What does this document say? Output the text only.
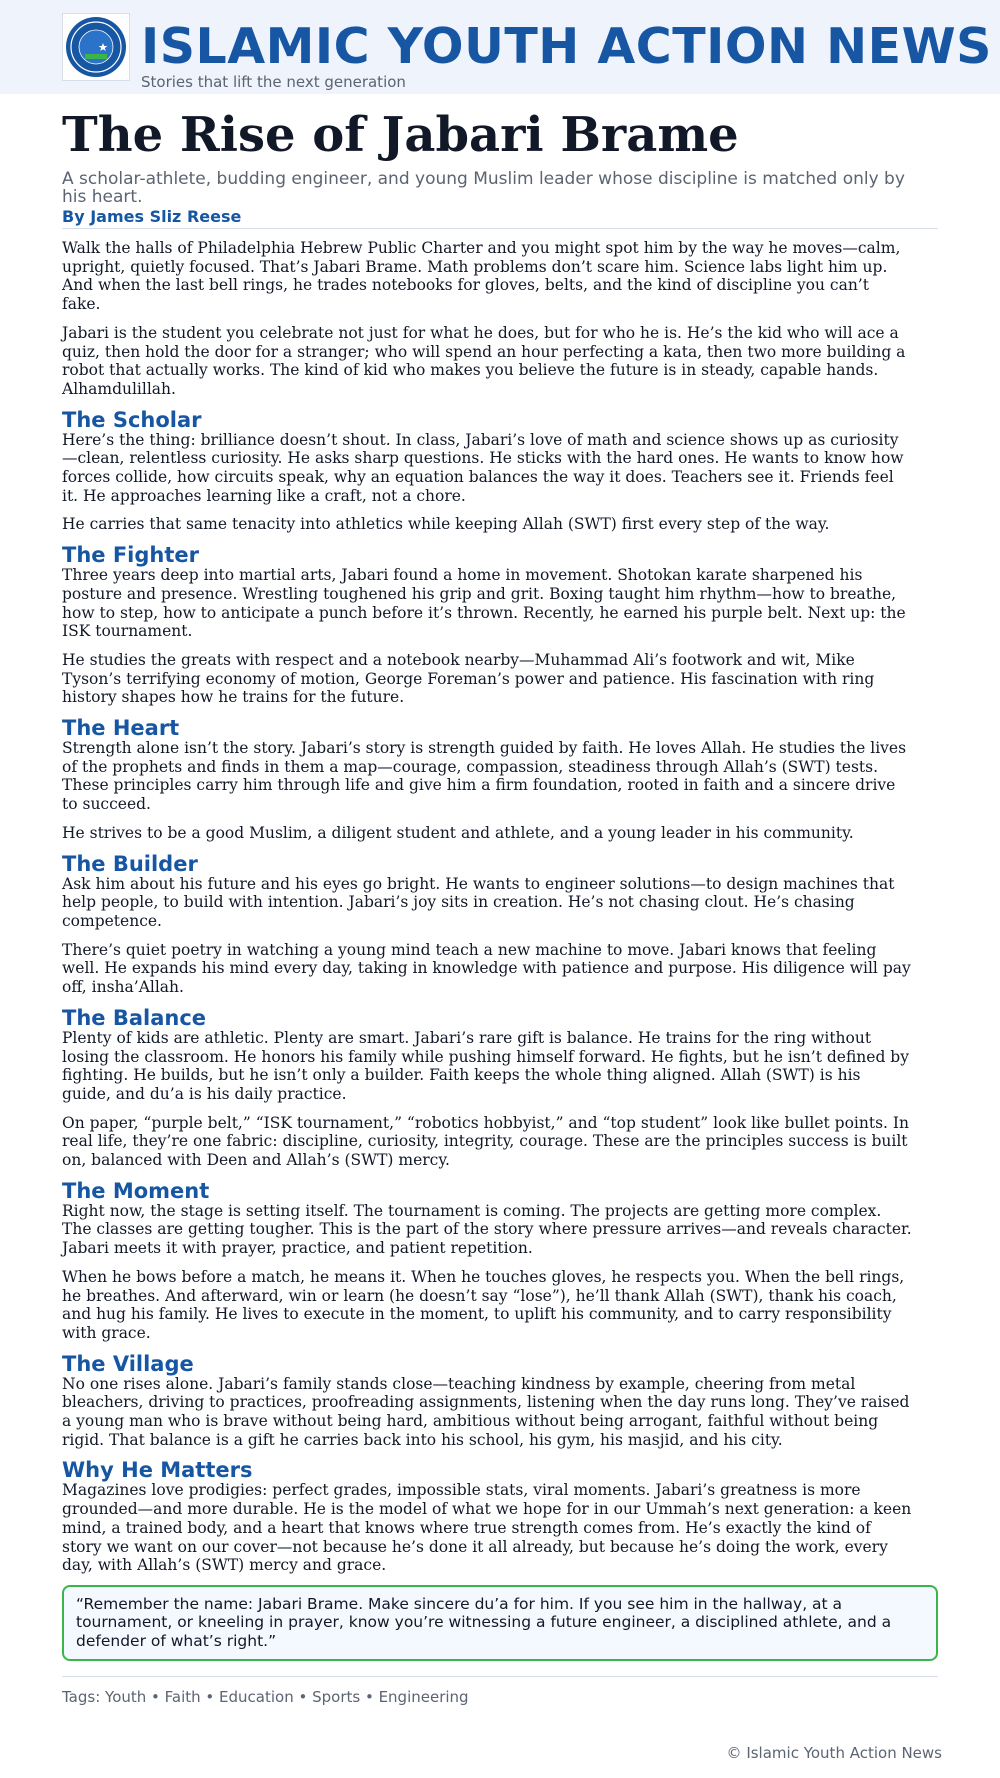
ISLAMIC YOUTH ACTION NEWS
Stories that lift the next generation
The Rise of Jabari Brame
A scholar-athlete, budding engineer, and young Muslim leader whose discipline is matched only by his heart.
By James Sliz Reese

Walk the halls of Philadelphia Hebrew Public Charter and you might spot him by the way he moves—calm, upright, quietly focused. That’s Jabari Brame. Math problems don’t scare him. Science labs light him up. And when the last bell rings, he trades notebooks for gloves, belts, and the kind of discipline you can’t fake.

Jabari is the student you celebrate not just for what he does, but for who he is. He’s the kid who will ace a quiz, then hold the door for a stranger; who will spend an hour perfecting a kata, then two more building a robot that actually works. The kind of kid who makes you believe the future is in steady, capable hands. Alhamdulillah.

The Scholar

Here’s the thing: brilliance doesn’t shout. In class, Jabari’s love of math and science shows up as curiosity—clean, relentless curiosity. He asks sharp questions. He sticks with the hard ones. He wants to know how forces collide, how circuits speak, why an equation balances the way it does. Teachers see it. Friends feel it. He approaches learning like a craft, not a chore.

He carries that same tenacity into athletics while keeping Allah (SWT) first every step of the way.

The Fighter

Three years deep into martial arts, Jabari found a home in movement. Shotokan karate sharpened his posture and presence. Wrestling toughened his grip and grit. Boxing taught him rhythm—how to breathe, how to step, how to anticipate a punch before it’s thrown. Recently, he earned his purple belt. Next up: the ISK tournament.

He studies the greats with respect and a notebook nearby—Muhammad Ali’s footwork and wit, Mike Tyson’s terrifying economy of motion, George Foreman’s power and patience. His fascination with ring history shapes how he trains for the future.

The Heart

Strength alone isn’t the story. Jabari’s story is strength guided by faith. He loves Allah. He studies the lives of the prophets and finds in them a map—courage, compassion, steadiness through Allah’s (SWT) tests. These principles carry him through life and give him a firm foundation, rooted in faith and a sincere drive to succeed.

He strives to be a good Muslim, a diligent student and athlete, and a young leader in his community.

The Builder

Ask him about his future and his eyes go bright. He wants to engineer solutions—to design machines that help people, to build with intention. Jabari’s joy sits in creation. He’s not chasing clout. He’s chasing competence.

There’s quiet poetry in watching a young mind teach a new machine to move. Jabari knows that feeling well. He expands his mind every day, taking in knowledge with patience and purpose. His diligence will pay off, insha’Allah.

The Balance

Plenty of kids are athletic. Plenty are smart. Jabari’s rare gift is balance. He trains for the ring without losing the classroom. He honors his family while pushing himself forward. He fights, but he isn’t defined by fighting. He builds, but he isn’t only a builder. Faith keeps the whole thing aligned. Allah (SWT) is his guide, and du’a is his daily practice.

On paper, “purple belt,” “ISK tournament,” “robotics hobbyist,” and “top student” look like bullet points. In real life, they’re one fabric: discipline, curiosity, integrity, courage. These are the principles success is built on, balanced with Deen and Allah’s (SWT) mercy.

The Moment

Right now, the stage is setting itself. The tournament is coming. The projects are getting more complex. The classes are getting tougher. This is the part of the story where pressure arrives—and reveals character. Jabari meets it with prayer, practice, and patient repetition.

When he bows before a match, he means it. When he touches gloves, he respects you. When the bell rings, he breathes. And afterward, win or learn (he doesn’t say “lose”), he’ll thank Allah (SWT), thank his coach, and hug his family. He lives to execute in the moment, to uplift his community, and to carry responsibility with grace.

The Village

No one rises alone. Jabari’s family stands close—teaching kindness by example, cheering from metal bleachers, driving to practices, proofreading assignments, listening when the day runs long. They’ve raised a young man who is brave without being hard, ambitious without being arrogant, faithful without being rigid. That balance is a gift he carries back into his school, his gym, his masjid, and his city.

Why He Matters

Magazines love prodigies: perfect grades, impossible stats, viral moments. Jabari’s greatness is more grounded—and more durable. He is the model of what we hope for in our Ummah’s next generation: a keen mind, a trained body, and a heart that knows where true strength comes from. He’s exactly the kind of story we want on our cover—not because he’s done it all already, but because he’s doing the work, every day, with Allah’s (SWT) mercy and grace.

“Remember the name: Jabari Brame. Make sincere du’a for him. If you see him in the hallway, at a tournament, or kneeling in prayer, know you’re witnessing a future engineer, a disciplined athlete, and a defender of what’s right.”
Tags: Youth • Faith • Education • Sports • Engineering
© Islamic Youth Action News
